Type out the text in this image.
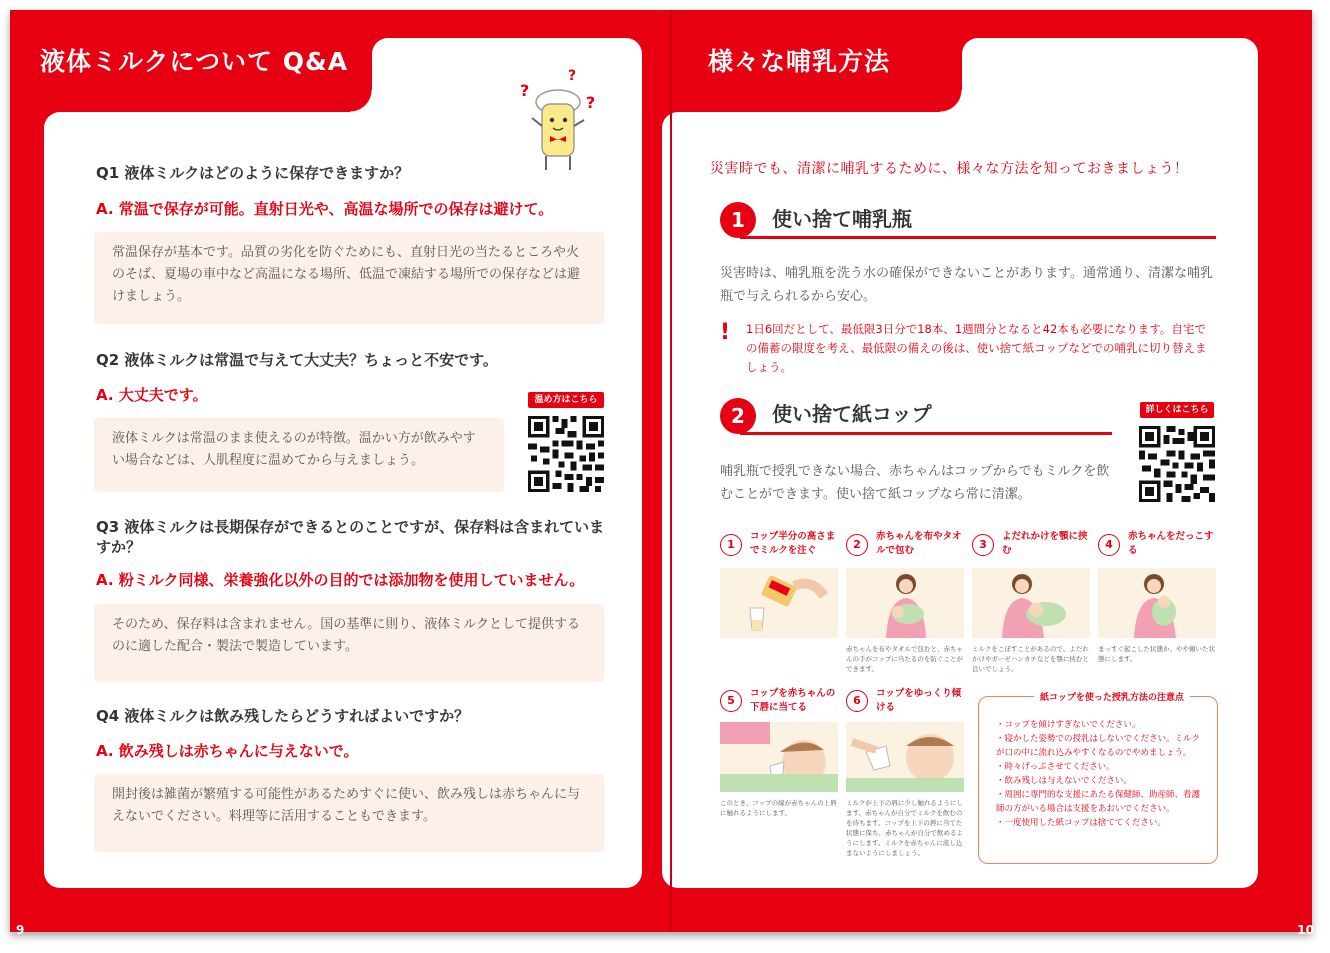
液体ミルクについて Q&A	様々な哺乳方法
9	10
?
?
?
Q1 液体ミルクはどのように保存できますか？
A. 常温で保存が可能。直射日光や、高温な場所での保存は避けて。
常温保存が基本です。品質の劣化を防ぐためにも、直射日光の当たるところや火のそば、夏場の車中など高温になる場所、低温で凍結する場所での保存などは避けましょう。
Q2 液体ミルクは常温で与えて大丈夫？ちょっと不安です。
A. 大丈夫です。
液体ミルクは常温のまま使えるのが特徴。温かい方が飲みやすい場合などは、人肌程度に温めてから与えましょう。
温め方はこちら
Q3 液体ミルクは長期保存ができるとのことですが、保存料は含まれていますか？
A. 粉ミルク同様、栄養強化以外の目的では添加物を使用していません。
そのため、保存料は含まれません。国の基準に則り、液体ミルクとして提供するのに適した配合・製法で製造しています。
Q4 液体ミルクは飲み残したらどうすればよいですか？
A. 飲み残しは赤ちゃんに与えないで。
開封後は雑菌が繁殖する可能性があるためすぐに使い、飲み残しは赤ちゃんに与えないでください。料理等に活用することもできます。
災害時でも、清潔に哺乳するために、様々な方法を知っておきましょう！
1	使い捨て哺乳瓶
災害時は、哺乳瓶を洗う水の確保ができないことがあります。通常通り、清潔な哺乳瓶で与えられるから安心。
! 1日6回だとして、最低限3日分で18本、1週間分となると42本も必要になります。自宅での備蓄の限度を考え、最低限の備えの後は、使い捨て紙コップなどでの哺乳に切り替えましょう。
2	使い捨て紙コップ
哺乳瓶で授乳できない場合、赤ちゃんはコップからでもミルクを飲むことができます。使い捨て紙コップなら常に清潔。
詳しくはこちら
1
コップ半分の高さまでミルクを注ぐ	2
赤ちゃんを布やタオルで包む	3
よだれかけを顎に挟む	4
赤ちゃんをだっこする
赤ちゃんを布やタオルで包むと、赤ちゃんの手がコップに当たるのを防ぐことができます。
ミルクをこぼすことがあるので、よだれかけやガーゼハンカチなどを顎に挟むと良いでしょう。
まっすぐ起こした状態か、やや傾いた状態にします。
5
コップを赤ちゃんの下唇に当てる
6
コップをゆっくり傾ける
このとき、コップの縁が赤ちゃんの上唇に触れるようにします。
ミルクが上下の唇に少し触れるようにします。赤ちゃんが自分でミルクを飲むのを待ちます。コップを上下の唇に当てた状態に保ち、赤ちゃんが自分で飲めるようにします。ミルクを赤ちゃんに流し込まないようにしましょう。
紙コップを使った授乳方法の注意点
・コップを傾けすぎないでください。
・寝かした姿勢での授乳はしないでください。ミルクが口の中に流れ込みやすくなるのでやめましょう。
・時々げっぷさせてください。
・飲み残しは与えないでください。
・周囲に専門的な支援にあたる保健師、助産師、看護師の方がいる場合は支援をあおいでください。
・一度使用した紙コップは捨ててください。
